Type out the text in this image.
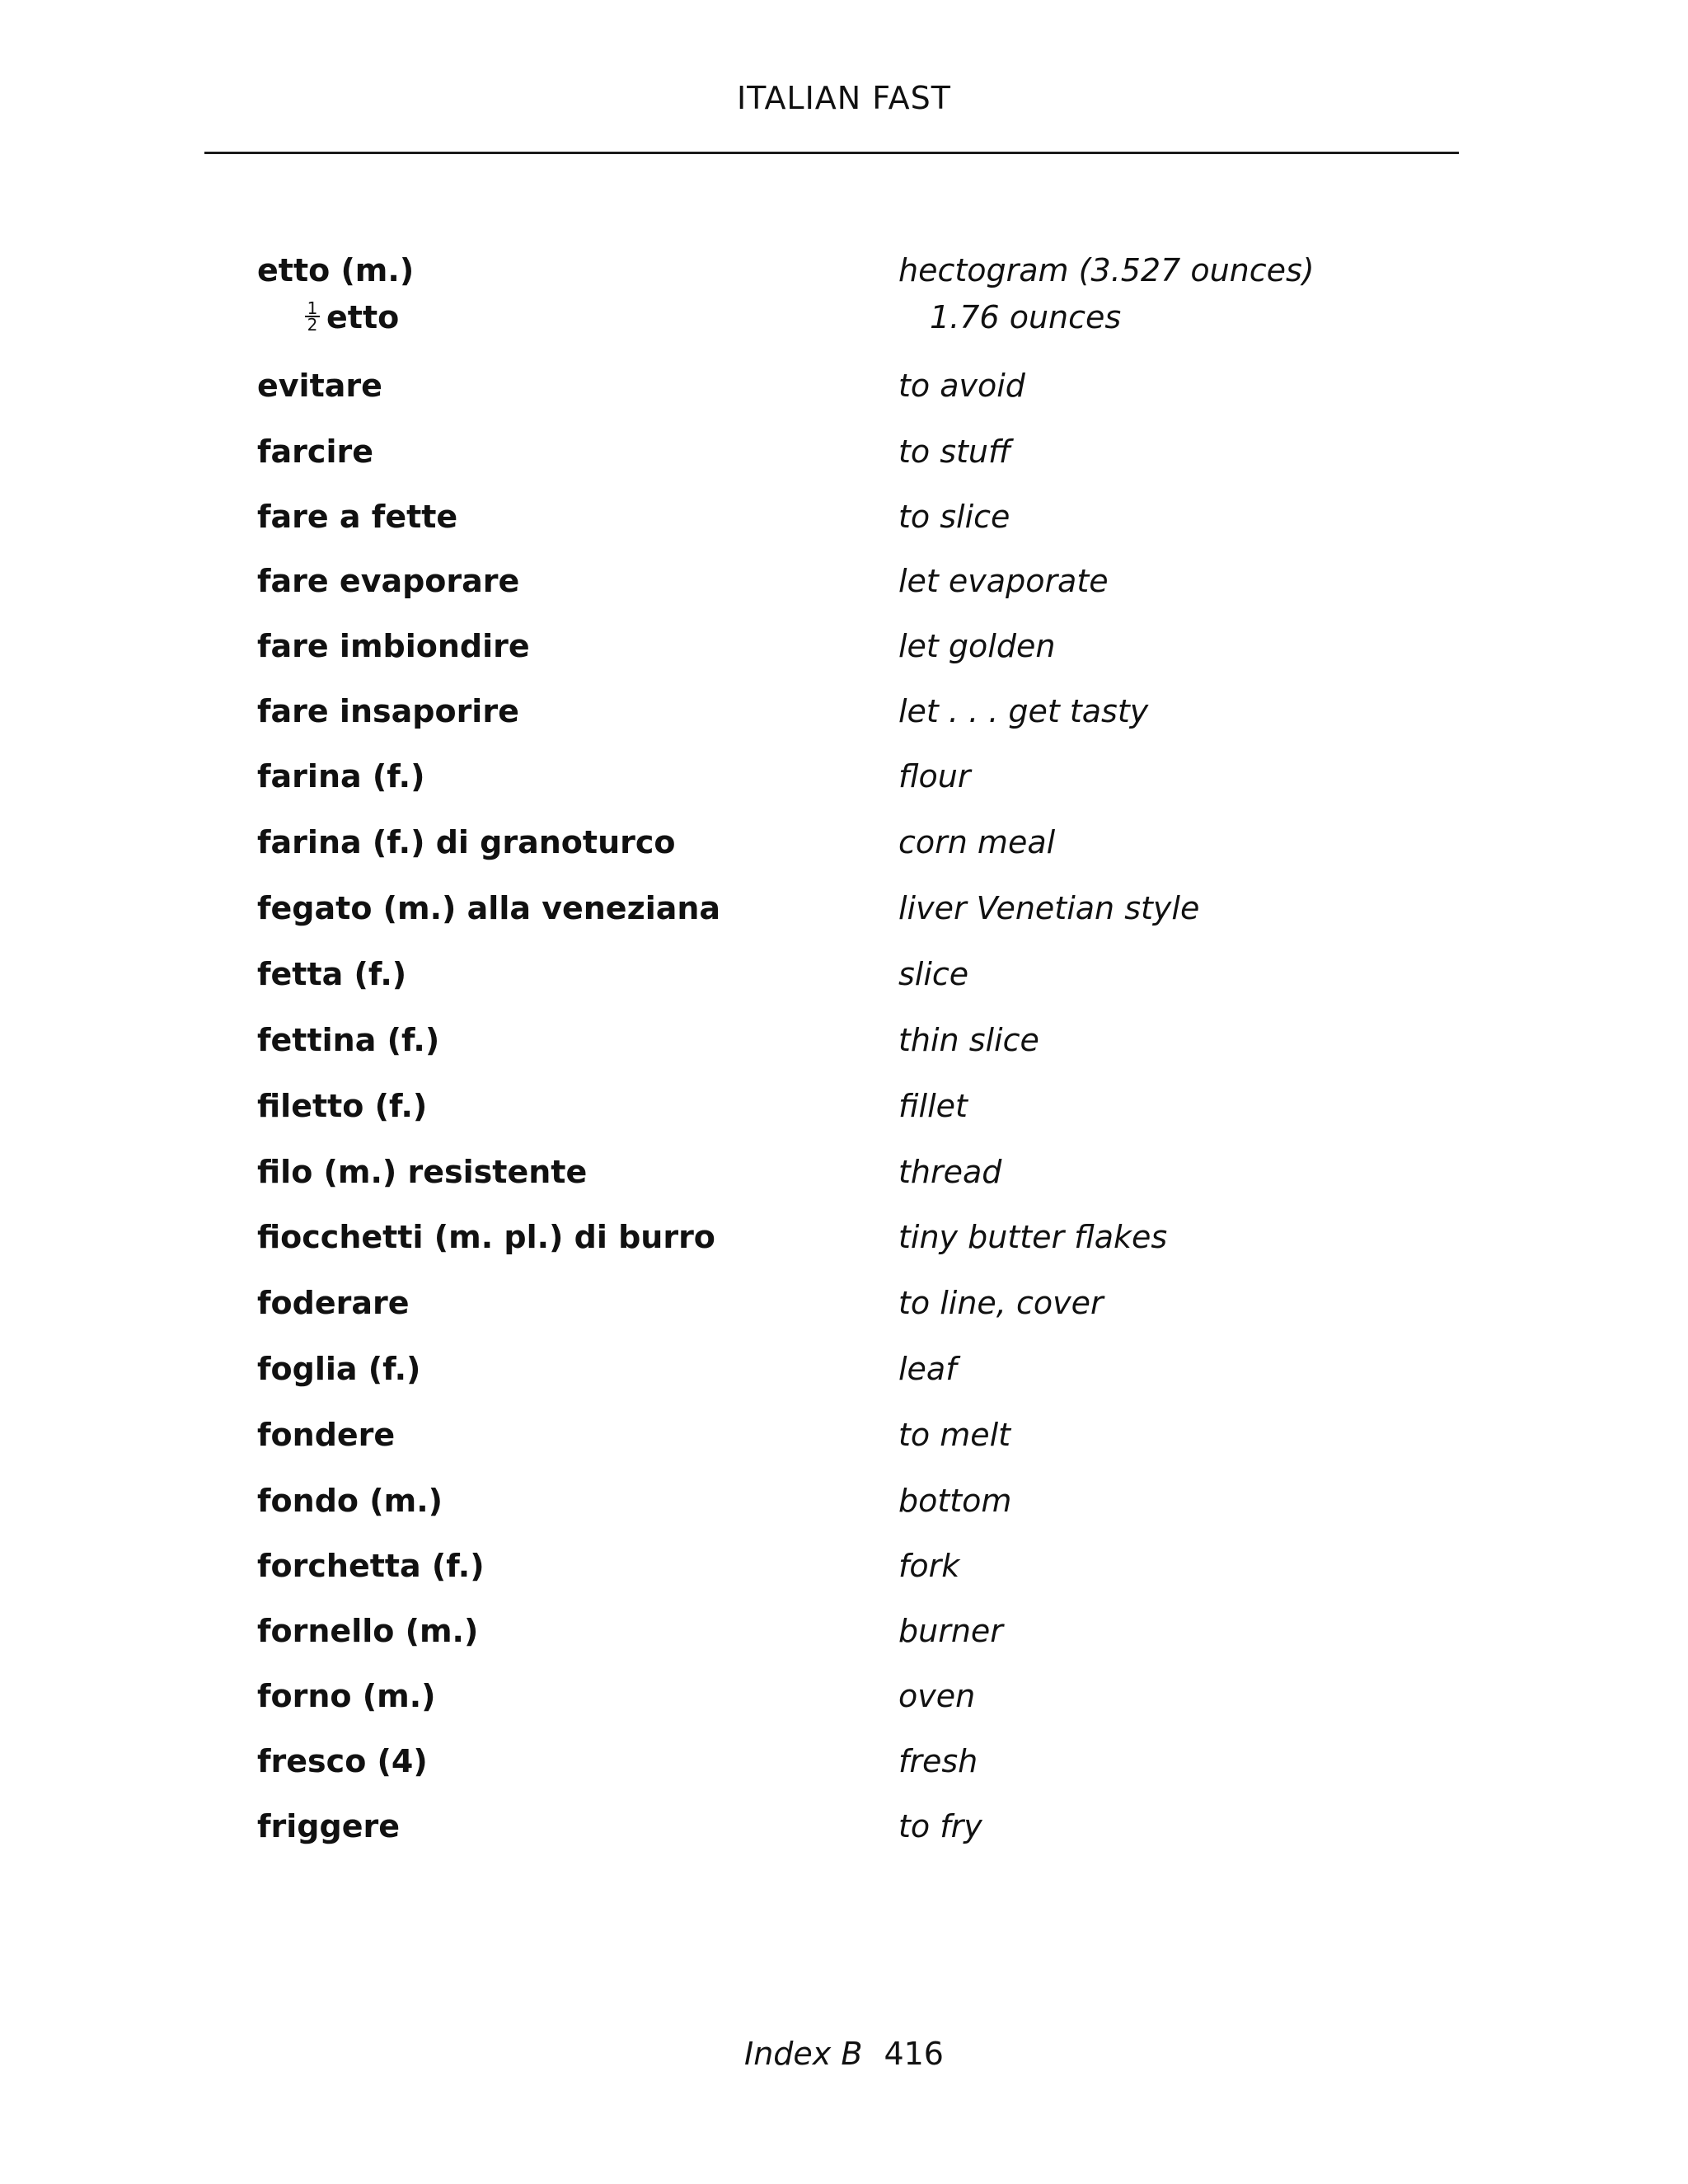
ITALIAN FAST
etto (m.)	hectogram (3.527 ounces)
$\frac{1}{2}$ etto	1.76 ounces
evitare	to avoid
farcire	to stuff
fare a fette	to slice
fare evaporare	let evaporate
fare imbiondire	let golden
fare insaporire	let . . . get tasty
farina (f.)	flour
farina (f.) di granoturco	corn meal
fegato (m.) alla veneziana	liver Venetian style
fetta (f.)	slice
fettina (f.)	thin slice
filetto (f.)	fillet
filo (m.) resistente	thread
fiocchetti (m. pl.) di burro	tiny butter flakes
foderare	to line, cover
foglia (f.)	leaf
fondere	to melt
fondo (m.)	bottom
forchetta (f.)	fork
fornello (m.)	burner
forno (m.)	oven
fresco (4)	fresh
friggere	to fry
Index B 416
